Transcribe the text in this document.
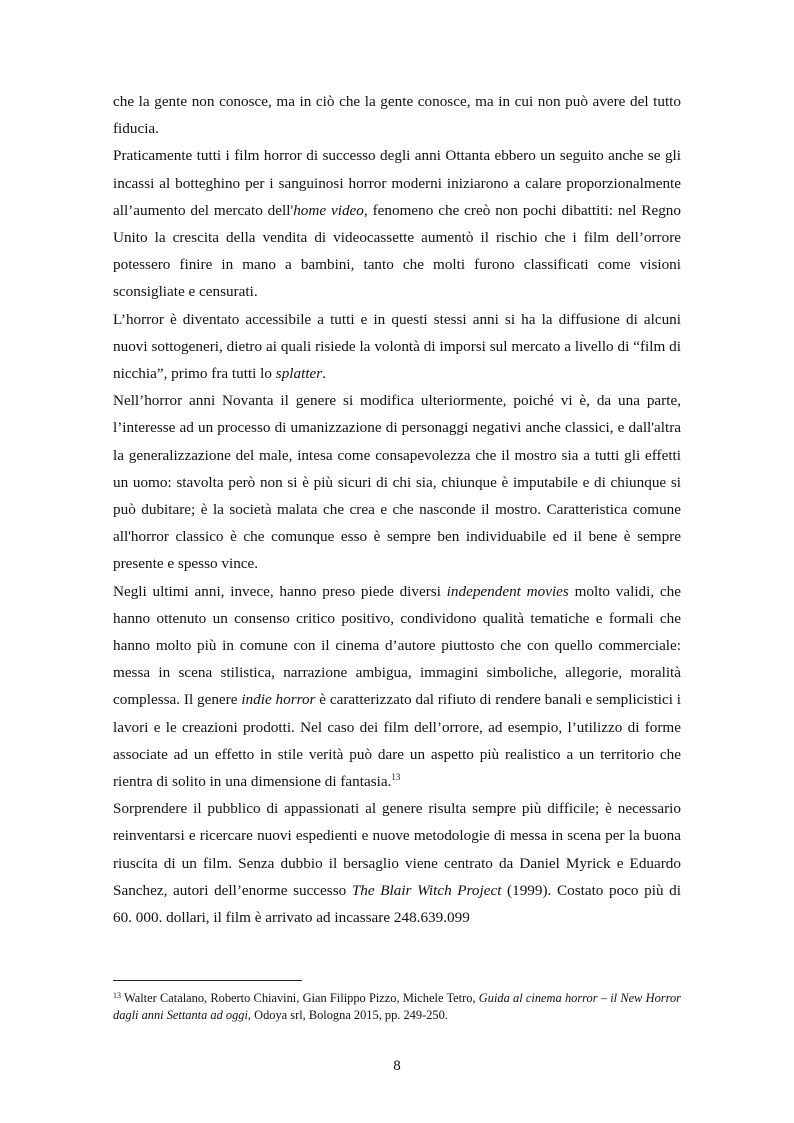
che la gente non conosce, ma in ciò che la gente conosce, ma in cui non può avere del tutto fiducia.

Praticamente tutti i film horror di successo degli anni Ottanta ebbero un seguito anche se gli incassi al botteghino per i sanguinosi horror moderni iniziarono a calare proporzionalmente all’aumento del mercato dell'home video, fenomeno che creò non pochi dibattiti: nel Regno Unito la crescita della vendita di videocassette aumentò il rischio che i film dell’orrore potessero finire in mano a bambini, tanto che molti furono classificati come visioni sconsigliate e censurati.

L’horror è diventato accessibile a tutti e in questi stessi anni si ha la diffusione di alcuni nuovi sottogeneri, dietro ai quali risiede la volontà di imporsi sul mercato a livello di “film di nicchia”, primo fra tutti lo splatter.

Nell’horror anni Novanta il genere si modifica ulteriormente, poiché vi è, da una parte, l’interesse ad un processo di umanizzazione di personaggi negativi anche classici, e dall'altra la generalizzazione del male, intesa come consapevolezza che il mostro sia a tutti gli effetti un uomo: stavolta però non si è più sicuri di chi sia, chiunque è imputabile e di chiunque si può dubitare; è la società malata che crea e che nasconde il mostro. Caratteristica comune all'horror classico è che comunque esso è sempre ben individuabile ed il bene è sempre presente e spesso vince.

Negli ultimi anni, invece, hanno preso piede diversi independent movies molto validi, che hanno ottenuto un consenso critico positivo, condividono qualità tematiche e formali che hanno molto più in comune con il cinema d’autore piuttosto che con quello commerciale: messa in scena stilistica, narrazione ambigua, immagini simboliche, allegorie, moralità complessa. Il genere indie horror è caratterizzato dal rifiuto di rendere banali e semplicistici i lavori e le creazioni prodotti. Nel caso dei film dell’orrore, ad esempio, l’utilizzo di forme associate ad un effetto in stile verità può dare un aspetto più realistico a un territorio che rientra di solito in una dimensione di fantasia.$^{13}$

Sorprendere il pubblico di appassionati al genere risulta sempre più difficile; è necessario reinventarsi e ricercare nuovi espedienti e nuove metodologie di messa in scena per la buona riuscita di un film. Senza dubbio il bersaglio viene centrato da Daniel Myrick e Eduardo Sanchez, autori dell’enorme successo The Blair Witch Project (1999). Costato poco più di 60. 000. dollari, il film è arrivato ad incassare 248.639.099

$^{13}$ Walter Catalano, Roberto Chiavini, Gian Filippo Pizzo, Michele Tetro, Guida al cinema horror – il New Horror dagli anni Settanta ad oggi, Odoya srl, Bologna 2015, pp. 249-250.
8
